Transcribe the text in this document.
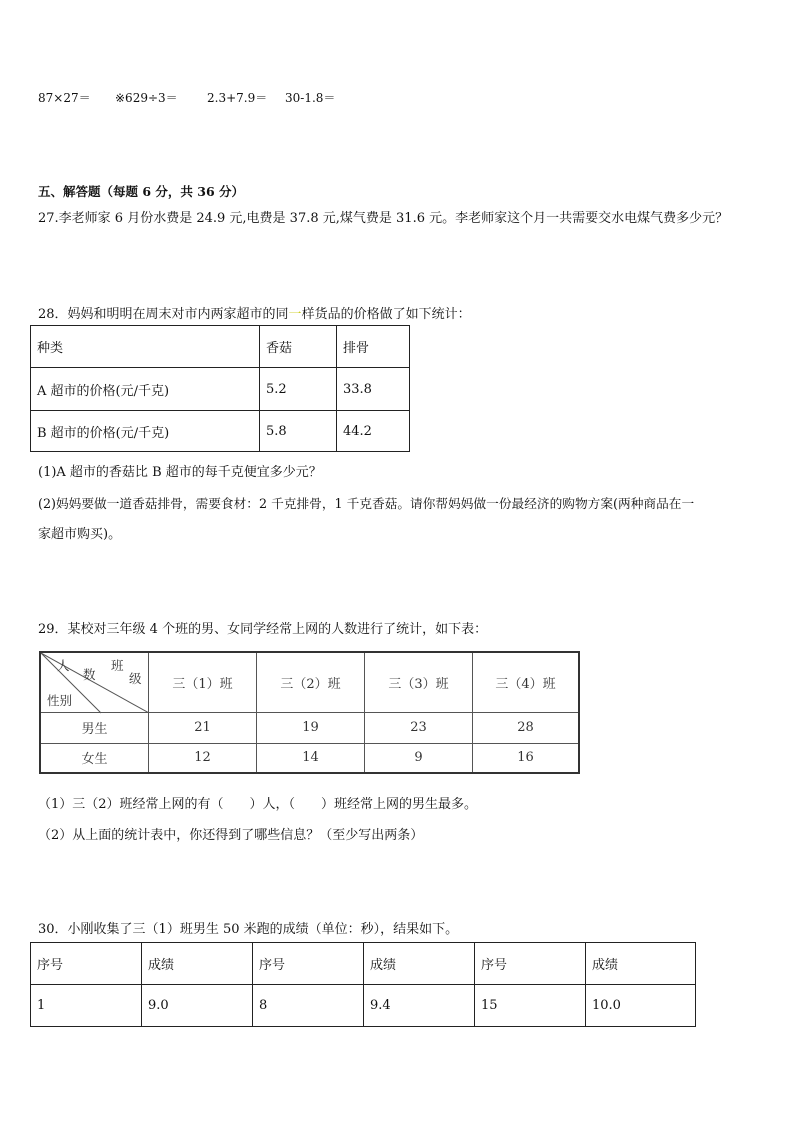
87×27＝ ※629÷3＝ 2.3+7.9＝ 30-1.8＝
五、解答题（每题 6 分，共 36 分）
27.李老师家 6 月份水费是 24.9 元,电费是 37.8 元,煤气费是 31.6 元。李老师家这个月一共需要交水电煤气费多少元？
28．妈妈和明明在周末对市内两家超市的同一样货品的价格做了如下统计：
种类	香菇	排骨
A 超市的价格(元/千克)	5.2	33.8
B 超市的价格(元/千克)	5.8	44.2
(1)A 超市的香菇比 B 超市的每千克便宜多少元？
(2)妈妈要做一道香菇排骨，需要食材：2 千克排骨，1 千克香菇。请你帮妈妈做一份最经济的购物方案(两种商品在一
家超市购买)。
29．某校对三年级 4 个班的男、女同学经常上网的人数进行了统计，如下表：
人
数
班
级
性别	三（1）班	三（2）班	三（3）班	三（4）班
男生	21	19	23	28
女生	12	14	9	16
（1）三（2）班经常上网的有（　　）人，（　　）班经常上网的男生最多。
（2）从上面的统计表中，你还得到了哪些信息？（至少写出两条）
30．小刚收集了三（1）班男生 50 米跑的成绩（单位：秒），结果如下。
序号	成绩	序号	成绩	序号	成绩
1	9.0	8	9.4	15	10.0
